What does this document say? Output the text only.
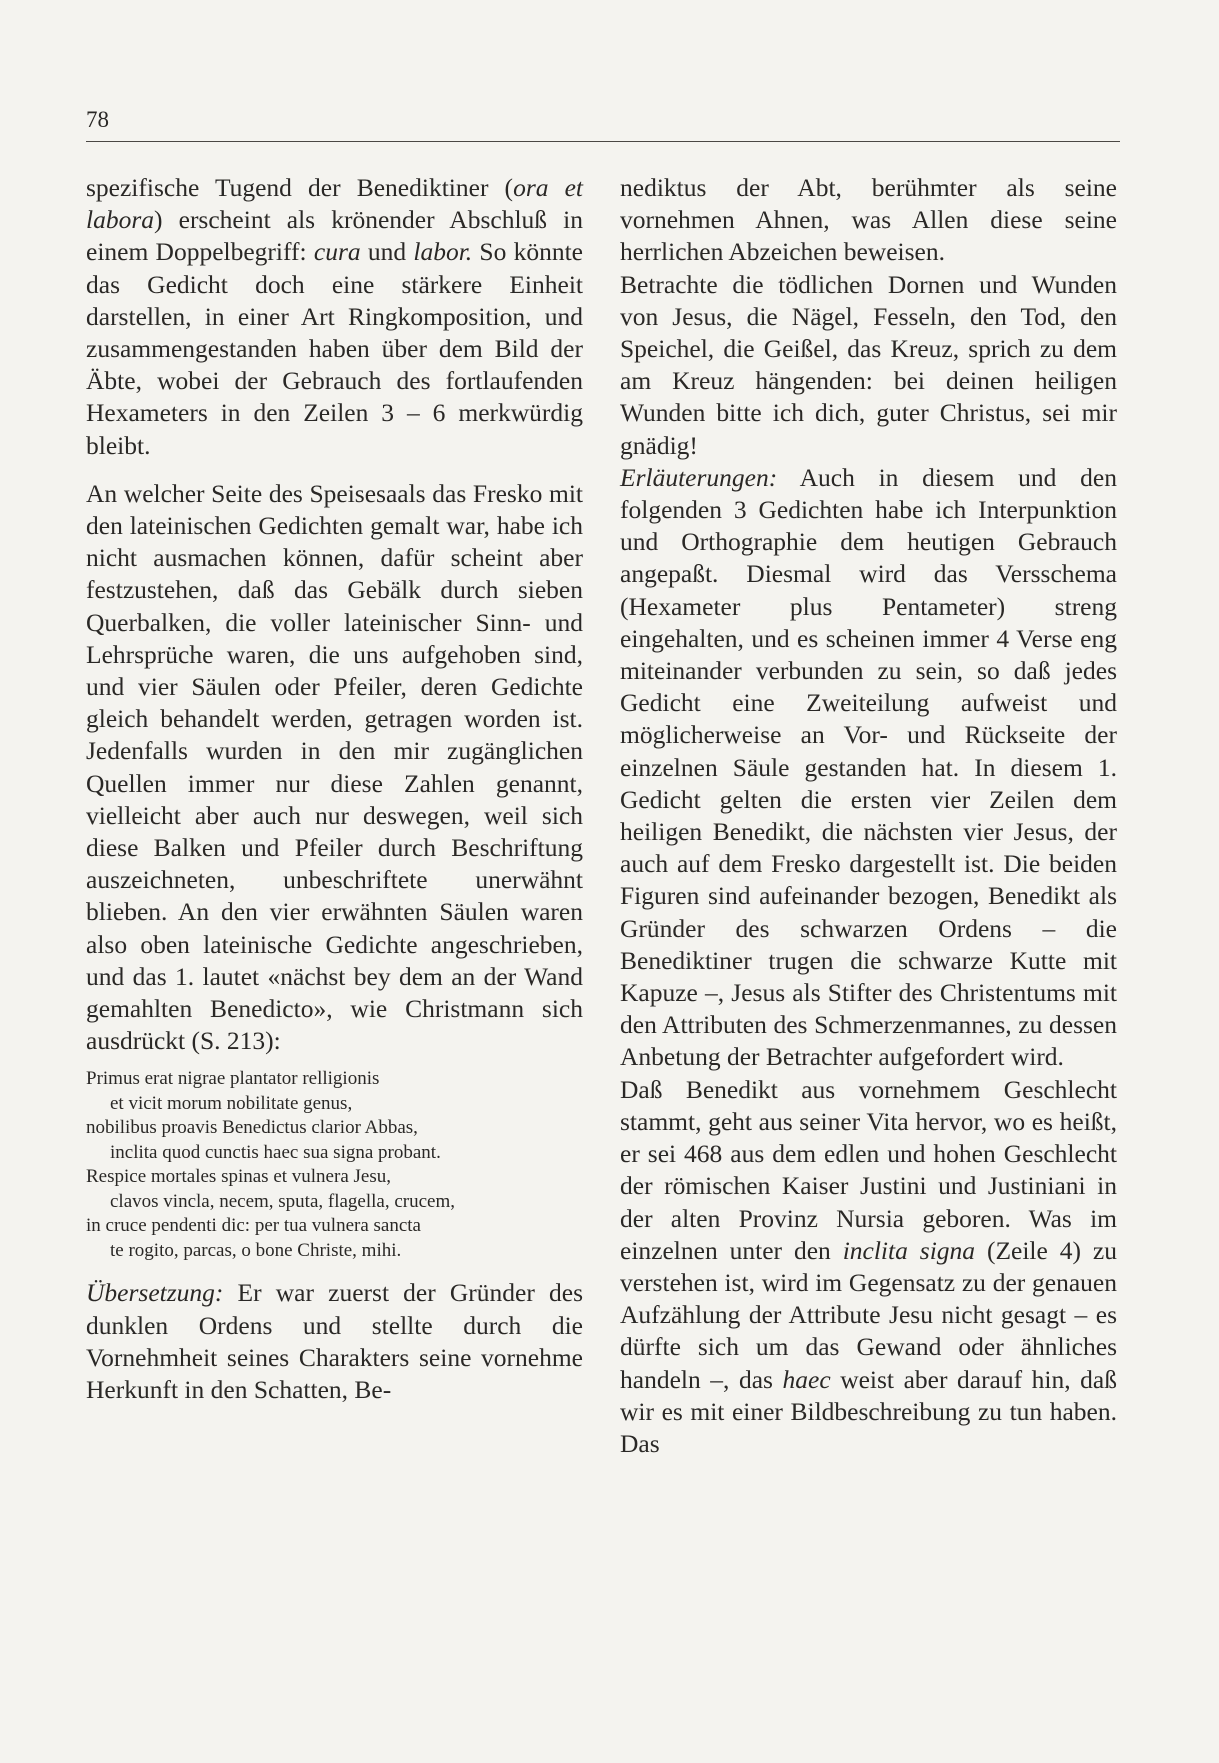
78

spezifische Tugend der Benediktiner (ora et labora) erscheint als krönender Abschluß in einem Doppelbegriff: cura und labor. So könnte das Gedicht doch eine stärkere Einheit darstellen, in einer Art Ringkomposition, und zusammengestanden haben über dem Bild der Äbte, wobei der Gebrauch des fortlaufenden Hexameters in den Zeilen 3 – 6 merkwürdig bleibt.

An welcher Seite des Speisesaals das Fresko mit den lateinischen Gedichten gemalt war, habe ich nicht ausmachen können, dafür scheint aber festzustehen, daß das Gebälk durch sieben Querbalken, die voller lateinischer Sinn- und Lehrsprüche waren, die uns aufgehoben sind, und vier Säulen oder Pfeiler, deren Gedichte gleich behandelt werden, getragen worden ist. Jedenfalls wurden in den mir zugänglichen Quellen immer nur diese Zahlen genannt, vielleicht aber auch nur deswegen, weil sich diese Balken und Pfeiler durch Beschriftung auszeichneten, unbeschriftete unerwähnt blieben. An den vier erwähnten Säulen waren also oben lateinische Gedichte angeschrieben, und das 1. lautet «nächst bey dem an der Wand gemahlten Benedicto», wie Christmann sich ausdrückt (S. 213):

Primus erat nigrae plantator relligionis
et vicit morum nobilitate genus,
nobilibus proavis Benedictus clarior Abbas,
inclita quod cunctis haec sua signa probant.
Respice mortales spinas et vulnera Jesu,
clavos vincla, necem, sputa, flagella, crucem,
in cruce pendenti dic: per tua vulnera sancta
te rogito, parcas, o bone Christe, mihi.

Übersetzung: Er war zuerst der Gründer des dunklen Ordens und stellte durch die Vornehmheit seines Charakters seine vornehme Herkunft in den Schatten, Be-

nediktus der Abt, berühmter als seine vornehmen Ahnen, was Allen diese seine herrlichen Abzeichen beweisen.

Betrachte die tödlichen Dornen und Wunden von Jesus, die Nägel, Fesseln, den Tod, den Speichel, die Geißel, das Kreuz, sprich zu dem am Kreuz hängenden: bei deinen heiligen Wunden bitte ich dich, guter Christus, sei mir gnädig!

Erläuterungen: Auch in diesem und den folgenden 3 Gedichten habe ich Interpunktion und Orthographie dem heutigen Gebrauch angepaßt. Diesmal wird das Versschema (Hexameter plus Pentameter) streng eingehalten, und es scheinen immer 4 Verse eng miteinander verbunden zu sein, so daß jedes Gedicht eine Zweiteilung aufweist und möglicherweise an Vor- und Rückseite der einzelnen Säule gestanden hat. In diesem 1. Gedicht gelten die ersten vier Zeilen dem heiligen Benedikt, die nächsten vier Jesus, der auch auf dem Fresko dargestellt ist. Die beiden Figuren sind aufeinander bezogen, Benedikt als Gründer des schwarzen Ordens – die Benediktiner trugen die schwarze Kutte mit Kapuze –, Jesus als Stifter des Christentums mit den Attributen des Schmerzenmannes, zu dessen Anbetung der Betrachter aufgefordert wird.

Daß Benedikt aus vornehmem Geschlecht stammt, geht aus seiner Vita hervor, wo es heißt, er sei 468 aus dem edlen und hohen Geschlecht der römischen Kaiser Justini und Justiniani in der alten Provinz Nursia geboren. Was im einzelnen unter den inclita signa (Zeile 4) zu verstehen ist, wird im Gegensatz zu der genauen Aufzählung der Attribute Jesu nicht gesagt – es dürfte sich um das Gewand oder ähnliches handeln –, das haec weist aber darauf hin, daß wir es mit einer Bildbeschreibung zu tun haben. Das
